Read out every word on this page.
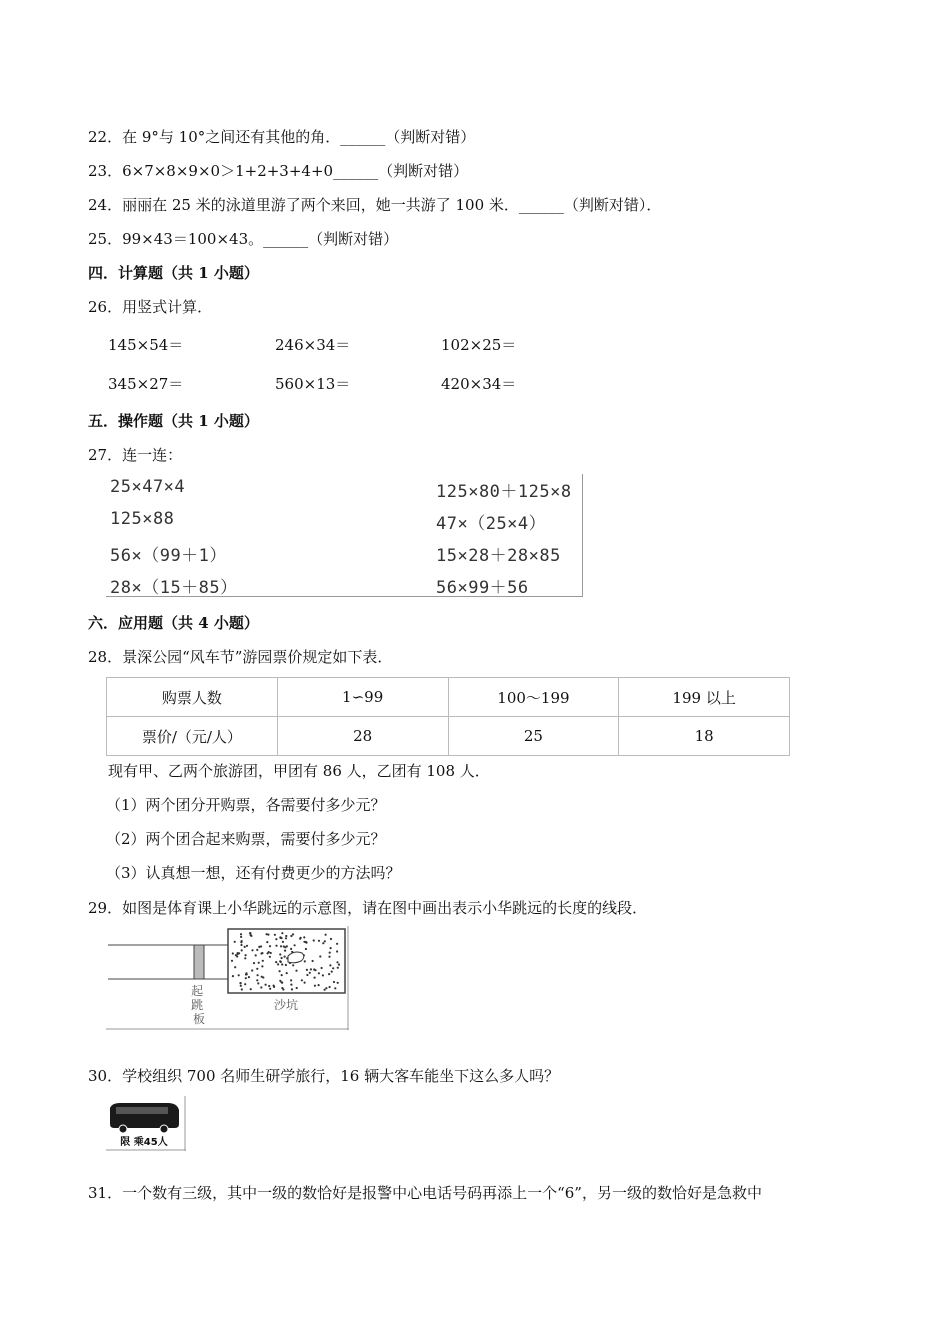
22．在 9°与 10°之间还有其他的角．______（判断对错）
23．6×7×8×9×0＞1+2+3+4+0______（判断对错）
24．丽丽在 25 米的泳道里游了两个来回，她一共游了 100 米．______（判断对错）．
25．99×43＝100×43。______（判断对错）
四．计算题（共 1 小题）
26．用竖式计算．
145×54＝	246×34＝	102×25＝
345×27＝	560×13＝	420×34＝
五．操作题（共 1 小题）
27．连一连：
25×47×4
125×88
56×（99＋1）
28×（15＋85）
125×80＋125×8
47×（25×4）
15×28＋28×85
56×99＋56
六．应用题（共 4 小题）
28．景深公园“风车节”游园票价规定如下表．
购票人数	1∽99	100～199	199 以上
票价/（元/人）	28	25	18
现有甲、乙两个旅游团，甲团有 86 人，乙团有 108 人．
（1）两个团分开购票，各需要付多少元？
（2）两个团合起来购票，需要付多少元？
（3）认真想一想，还有付费更少的方法吗？
29．如图是体育课上小华跳远的示意图，请在图中画出表示小华跳远的长度的线段．
起 跳 板
沙坑
30．学校组织 700 名师生研学旅行，16 辆大客车能坐下这么多人吗？
限 乘45人
31．一个数有三级，其中一级的数恰好是报警中心电话号码再添上一个“6”，另一级的数恰好是急救中
